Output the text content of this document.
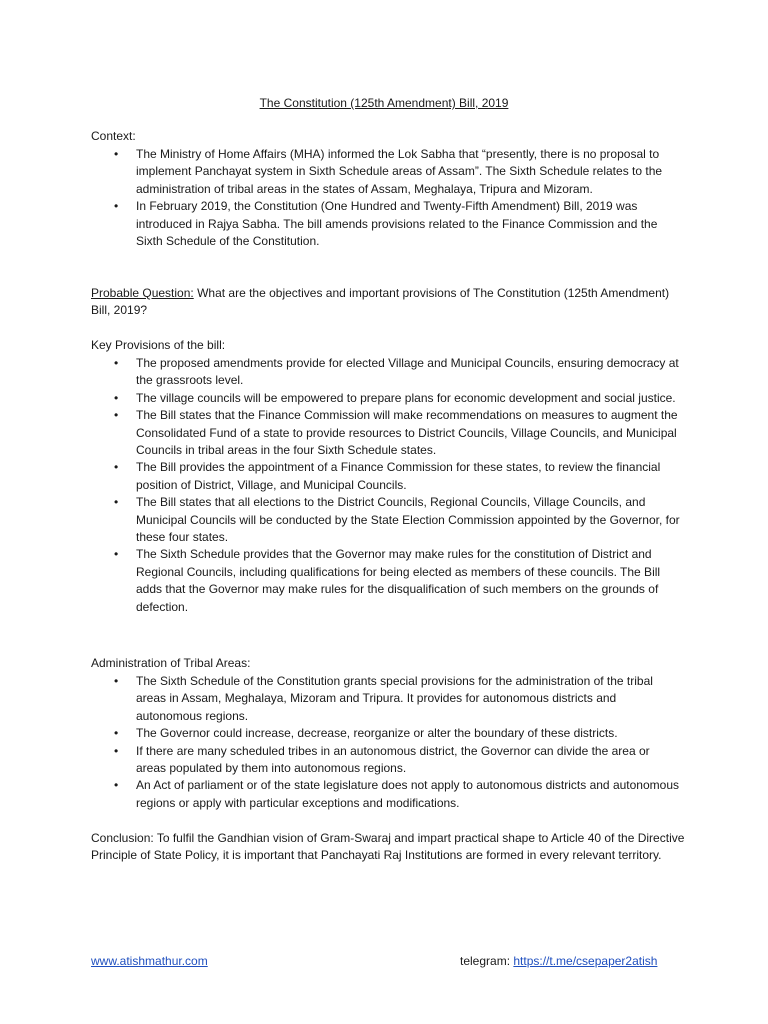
The Constitution (125th Amendment) Bill, 2019
Context:
• The Ministry of Home Affairs (MHA) informed the Lok Sabha that “presently, there is no proposal to implement Panchayat system in Sixth Schedule areas of Assam”. The Sixth Schedule relates to the administration of tribal areas in the states of Assam, Meghalaya, Tripura and Mizoram.
• In February 2019, the Constitution (One Hundred and Twenty-Fifth Amendment) Bill, 2019 was introduced in Rajya Sabha. The bill amends provisions related to the Finance Commission and the Sixth Schedule of the Constitution.
Probable Question: What are the objectives and important provisions of The Constitution (125th Amendment) Bill, 2019?
Key Provisions of the bill:
• The proposed amendments provide for elected Village and Municipal Councils, ensuring democracy at the grassroots level.
• The village councils will be empowered to prepare plans for economic development and social justice.
• The Bill states that the Finance Commission will make recommendations on measures to augment the Consolidated Fund of a state to provide resources to District Councils, Village Councils, and Municipal Councils in tribal areas in the four Sixth Schedule states.
• The Bill provides the appointment of a Finance Commission for these states, to review the financial position of District, Village, and Municipal Councils.
• The Bill states that all elections to the District Councils, Regional Councils, Village Councils, and Municipal Councils will be conducted by the State Election Commission appointed by the Governor, for these four states.
• The Sixth Schedule provides that the Governor may make rules for the constitution of District and Regional Councils, including qualifications for being elected as members of these councils. The Bill adds that the Governor may make rules for the disqualification of such members on the grounds of defection.
Administration of Tribal Areas:
• The Sixth Schedule of the Constitution grants special provisions for the administration of the tribal areas in Assam, Meghalaya, Mizoram and Tripura. It provides for autonomous districts and autonomous regions.
• The Governor could increase, decrease, reorganize or alter the boundary of these districts.
• If there are many scheduled tribes in an autonomous district, the Governor can divide the area or areas populated by them into autonomous regions.
• An Act of parliament or of the state legislature does not apply to autonomous districts and autonomous regions or apply with particular exceptions and modifications.
Conclusion: To fulfil the Gandhian vision of Gram-Swaraj and impart practical shape to Article 40 of the Directive Principle of State Policy, it is important that Panchayati Raj Institutions are formed in every relevant territory.
www.atishmathur.com	telegram: https://t.me/csepaper2atish
